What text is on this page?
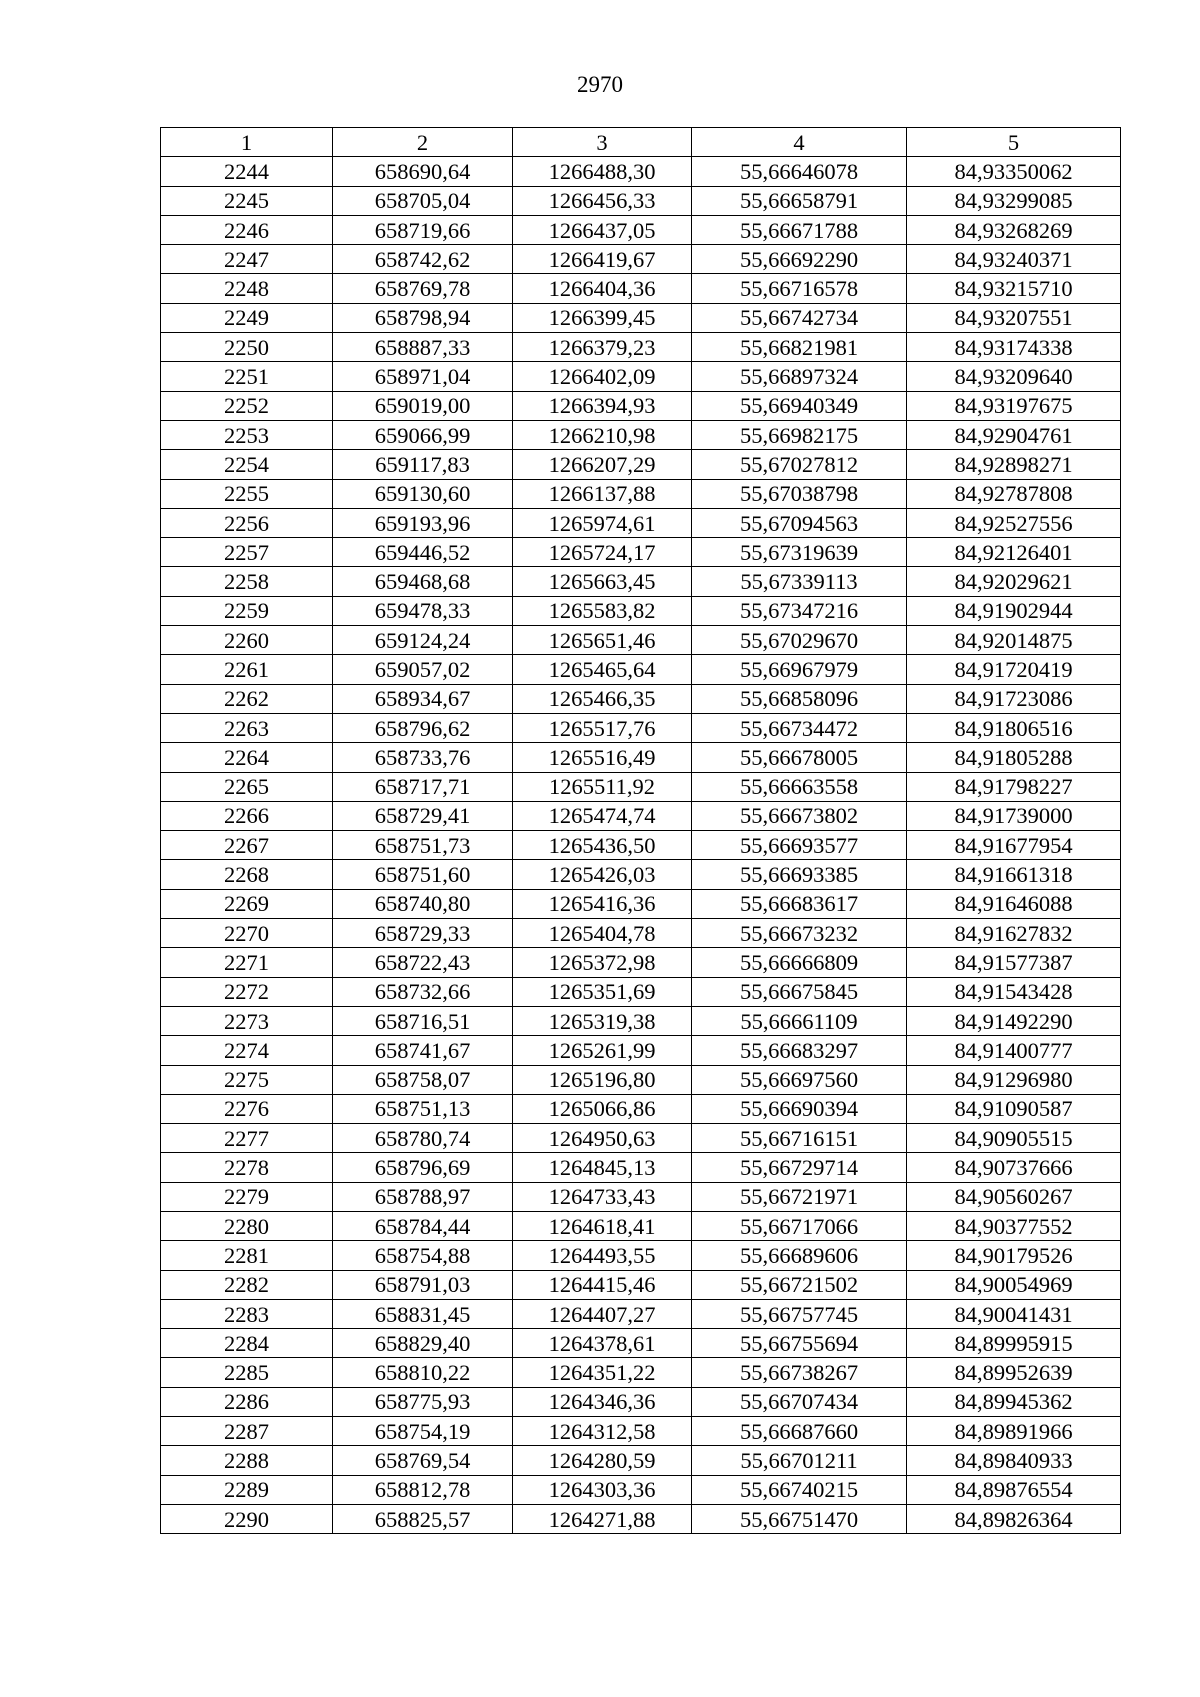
2970
1	2	3	4	5
2244	658690,64	1266488,30	55,66646078	84,93350062
2245	658705,04	1266456,33	55,66658791	84,93299085
2246	658719,66	1266437,05	55,66671788	84,93268269
2247	658742,62	1266419,67	55,66692290	84,93240371
2248	658769,78	1266404,36	55,66716578	84,93215710
2249	658798,94	1266399,45	55,66742734	84,93207551
2250	658887,33	1266379,23	55,66821981	84,93174338
2251	658971,04	1266402,09	55,66897324	84,93209640
2252	659019,00	1266394,93	55,66940349	84,93197675
2253	659066,99	1266210,98	55,66982175	84,92904761
2254	659117,83	1266207,29	55,67027812	84,92898271
2255	659130,60	1266137,88	55,67038798	84,92787808
2256	659193,96	1265974,61	55,67094563	84,92527556
2257	659446,52	1265724,17	55,67319639	84,92126401
2258	659468,68	1265663,45	55,67339113	84,92029621
2259	659478,33	1265583,82	55,67347216	84,91902944
2260	659124,24	1265651,46	55,67029670	84,92014875
2261	659057,02	1265465,64	55,66967979	84,91720419
2262	658934,67	1265466,35	55,66858096	84,91723086
2263	658796,62	1265517,76	55,66734472	84,91806516
2264	658733,76	1265516,49	55,66678005	84,91805288
2265	658717,71	1265511,92	55,66663558	84,91798227
2266	658729,41	1265474,74	55,66673802	84,91739000
2267	658751,73	1265436,50	55,66693577	84,91677954
2268	658751,60	1265426,03	55,66693385	84,91661318
2269	658740,80	1265416,36	55,66683617	84,91646088
2270	658729,33	1265404,78	55,66673232	84,91627832
2271	658722,43	1265372,98	55,66666809	84,91577387
2272	658732,66	1265351,69	55,66675845	84,91543428
2273	658716,51	1265319,38	55,66661109	84,91492290
2274	658741,67	1265261,99	55,66683297	84,91400777
2275	658758,07	1265196,80	55,66697560	84,91296980
2276	658751,13	1265066,86	55,66690394	84,91090587
2277	658780,74	1264950,63	55,66716151	84,90905515
2278	658796,69	1264845,13	55,66729714	84,90737666
2279	658788,97	1264733,43	55,66721971	84,90560267
2280	658784,44	1264618,41	55,66717066	84,90377552
2281	658754,88	1264493,55	55,66689606	84,90179526
2282	658791,03	1264415,46	55,66721502	84,90054969
2283	658831,45	1264407,27	55,66757745	84,90041431
2284	658829,40	1264378,61	55,66755694	84,89995915
2285	658810,22	1264351,22	55,66738267	84,89952639
2286	658775,93	1264346,36	55,66707434	84,89945362
2287	658754,19	1264312,58	55,66687660	84,89891966
2288	658769,54	1264280,59	55,66701211	84,89840933
2289	658812,78	1264303,36	55,66740215	84,89876554
2290	658825,57	1264271,88	55,66751470	84,89826364
